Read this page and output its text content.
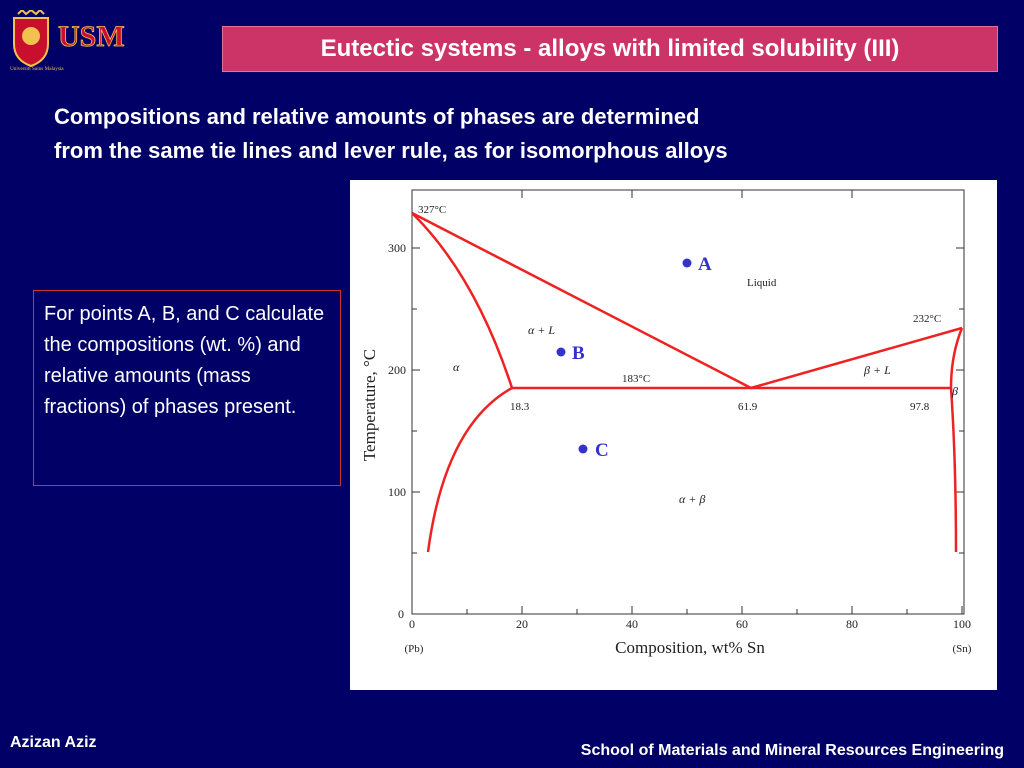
USM
Universiti Sains Malaysia
Eutectic systems - alloys with limited solubility (III)
Compositions and relative amounts of phases are determined
from the same tie lines and lever rule, as for isomorphous alloys
For points A, B, and C calculate the compositions (wt. %) and relative amounts (mass fractions) of phases present.
0	20	40	60	80	100
0
100
200
300
(Pb)	(Sn)
Composition, wt% Sn
Temperature, °C
327°C
232°C
183°C
18.3	61.9	97.8
Liquid
α + L
β + L
α
β
α + β
A
B
C
Azizan Aziz	School of Materials and Mineral Resources Engineering
